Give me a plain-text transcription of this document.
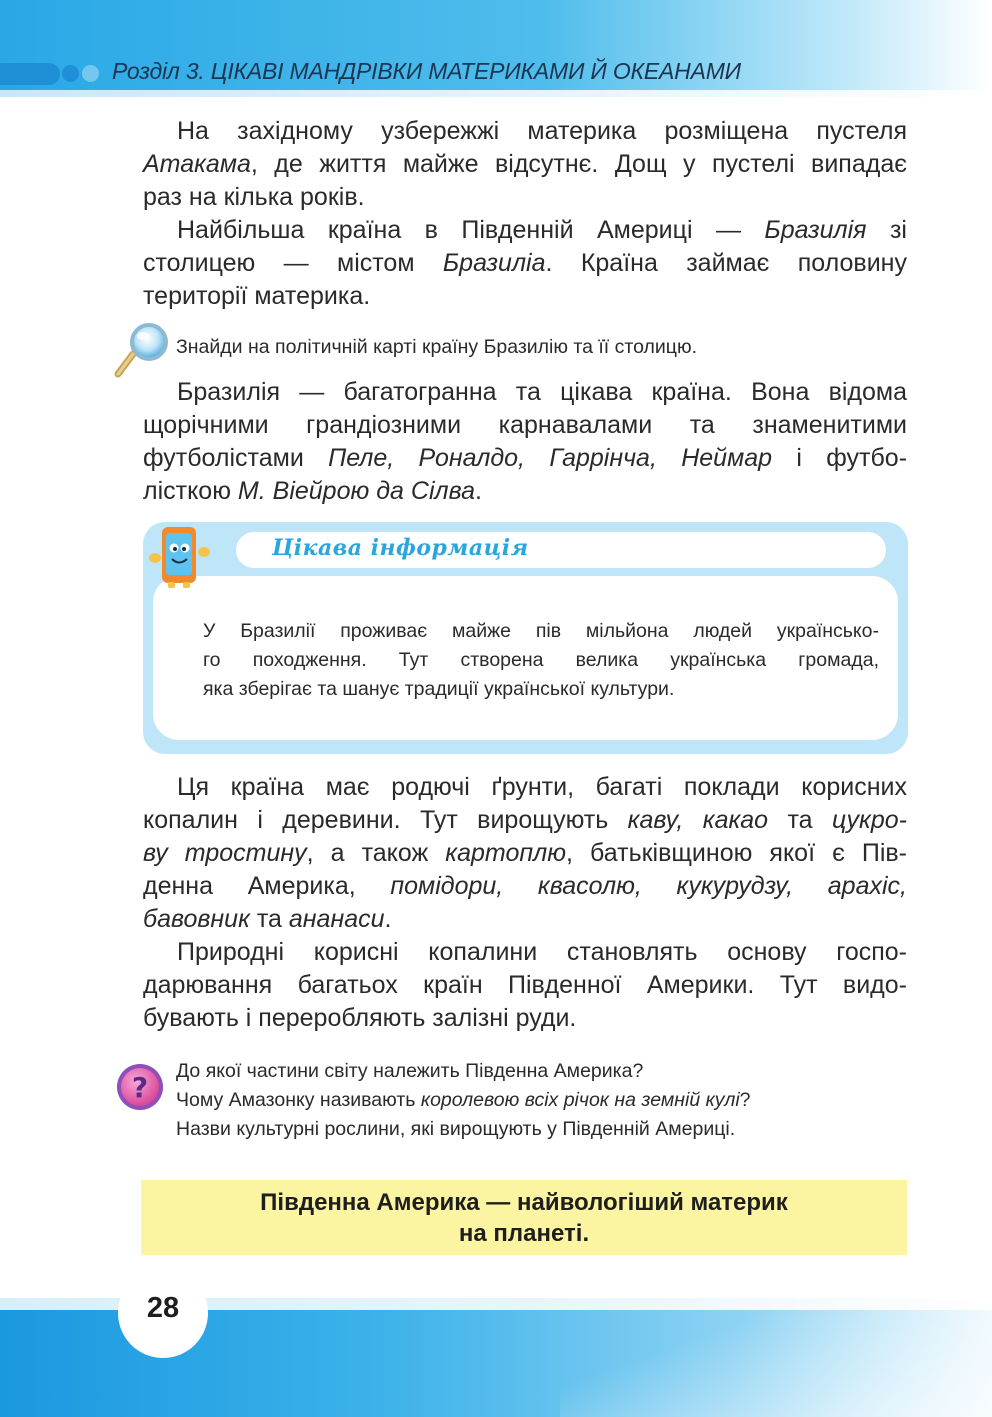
Розділ 3. ЦІКАВІ МАНДРІВКИ МАТЕРИКАМИ Й ОКЕАНАМИ
На західному узбережжі материка розміщена пустеля
Атакама, де життя майже відсутнє. Дощ у пустелі випадає
раз на кілька років.
Найбільша країна в Південній Америці — Бразилія зі
столицею — містом Бразиліа. Країна займає половину
території материка.
Знайди на політичній карті країну Бразилію та її столицю.
Бразилія — багатогранна та цікава країна. Вона відома
щорічними грандіозними карнавалами та знаменитими
футболістами Пеле, Роналдо, Гаррінча, Неймар і футбо-
лісткою М. Віейрою да Сілва.
Цікава інформація
У Бразилії проживає майже пів мільйона людей українсько-
го походження. Тут створена велика українська громада,
яка зберігає та шанує традиції української культури.
Ця країна має родючі ґрунти, багаті поклади корисних
копалин і деревини. Тут вирощують каву, какао та цукро-
ву тростину, а також картоплю, батьківщиною якої є Пів-
денна Америка, помідори, квасолю, кукурудзу, арахіс,
бавовник та ананаси.
Природні корисні копалини становлять основу госпо-
дарювання багатьох країн Південної Америки. Тут видо-
бувають і переробляють залізні руди.
? До якої частини світу належить Південна Америка?
Чому Амазонку називають королевою всіх річок на земній кулі?
Назви культурні рослини, які вирощують у Південній Америці.
Південна Америка — найвологіший материк
на планеті.
28
